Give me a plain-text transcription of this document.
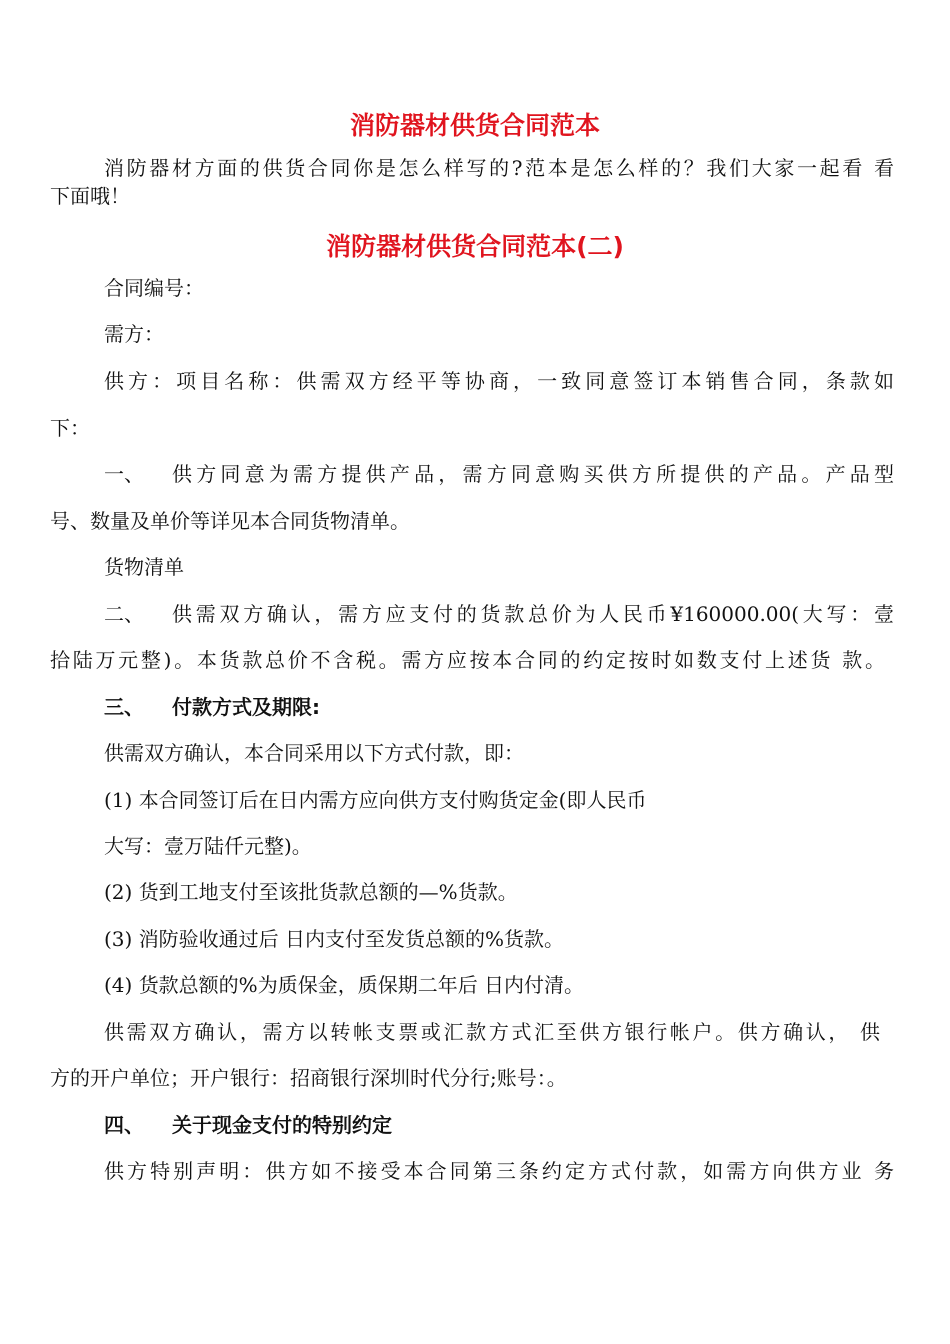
消防器材供货合同范本
消防器材方面的供货合同你是怎么样写的?范本是怎么样的？我们大家一起看 看
下面哦！
消防器材供货合同范本(二)
合同编号：
需方：
供方：项目名称：供需双方经平等协商，一致同意签订本销售合同，条款如
下：
一、	供方同意为需方提供产品，需方同意购买供方所提供的产品。产品型
号、数量及单价等详见本合同货物清单。
货物清单
二、	供需双方确认，需方应支付的货款总价为人民币¥160000.00(大写：壹
拾陆万元整)。本货款总价不含税。需方应按本合同的约定按时如数支付上述货 款。
三、	付款方式及期限:
供需双方确认，本合同采用以下方式付款，即：
(1) 本合同签订后在日内需方应向供方支付购货定金(即人民币
大写：壹万陆仟元整)。
(2) 货到工地支付至该批货款总额的—%货款。
(3) 消防验收通过后 日内支付至发货总额的%货款。
(4) 货款总额的%为质保金，质保期二年后 日内付清。
供需双方确认，需方以转帐支票或汇款方式汇至供方银行帐户。供方确认， 供
方的开户单位；开户银行：招商银行深圳时代分行;账号：。
四、	关于现金支付的特别约定
供方特别声明：供方如不接受本合同第三条约定方式付款，如需方向供方业 务
